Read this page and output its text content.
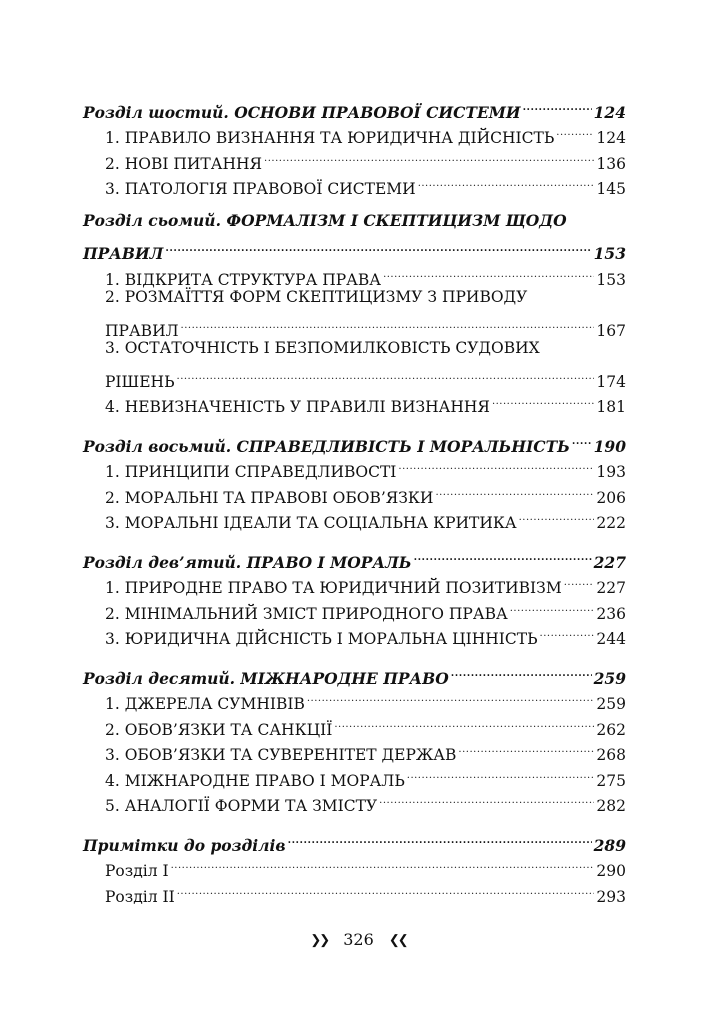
Розділ шостий. ОСНОВИ ПРАВОВОЇ СИСТЕМИ .....	124
1. ПРАВИЛО ВИЗНАННЯ ТА ЮРИДИЧНА ДІЙСНІСТЬ .....	124
2. НОВІ ПИТАННЯ .....	136
3. ПАТОЛОГІЯ ПРАВОВОЇ СИСТЕМИ .....	145
Розділ сьомий. ФОРМАЛІЗМ І СКЕПТИЦИЗМ ЩОДО
ПРАВИЛ .....	153
1. ВІДКРИТА СТРУКТУРА ПРАВА .....	153
2. РОЗМАЇТТЯ ФОРМ СКЕПТИЦИЗМУ З ПРИВОДУ
ПРАВИЛ .....	167
3. ОСТАТОЧНІСТЬ І БЕЗПОМИЛКОВІСТЬ СУДОВИХ
РІШЕНЬ .....	174
4. НЕВИЗНАЧЕНІСТЬ У ПРАВИЛІ ВИЗНАННЯ .....	181
Розділ восьмий. СПРАВЕДЛИВІСТЬ І МОРАЛЬНІСТЬ ..... 190
1. ПРИНЦИПИ СПРАВЕДЛИВОСТІ .....	193
2. МОРАЛЬНІ ТА ПРАВОВІ ОБОВ’ЯЗКИ .....	206
3. МОРАЛЬНІ ІДЕАЛИ ТА СОЦІАЛЬНА КРИТИКА .....	222
Розділ дев’ятий. ПРАВО І МОРАЛЬ .....	227
1. ПРИРОДНЕ ПРАВО ТА ЮРИДИЧНИЙ ПОЗИТИВІЗМ ..... 227
2. МІНІМАЛЬНИЙ ЗМІСТ ПРИРОДНОГО ПРАВА .....	236
3. ЮРИДИЧНА ДІЙСНІСТЬ І МОРАЛЬНА ЦІННІСТЬ .....	244
Розділ десятий. МІЖНАРОДНЕ ПРАВО .....	259
1. ДЖЕРЕЛА СУМНІВІВ .....	259
2. ОБОВ’ЯЗКИ ТА САНКЦІЇ .....	262
3. ОБОВ’ЯЗКИ ТА СУВЕРЕНІТЕТ ДЕРЖАВ .....	268
4. МІЖНАРОДНЕ ПРАВО І МОРАЛЬ .....	275
5. АНАЛОГІЇ ФОРМИ ТА ЗМІСТУ .....	282
Примітки до розділів .....	289
Розділ І .....	290
Розділ ІІ .....	293
❯❯ 326 ❮❮
